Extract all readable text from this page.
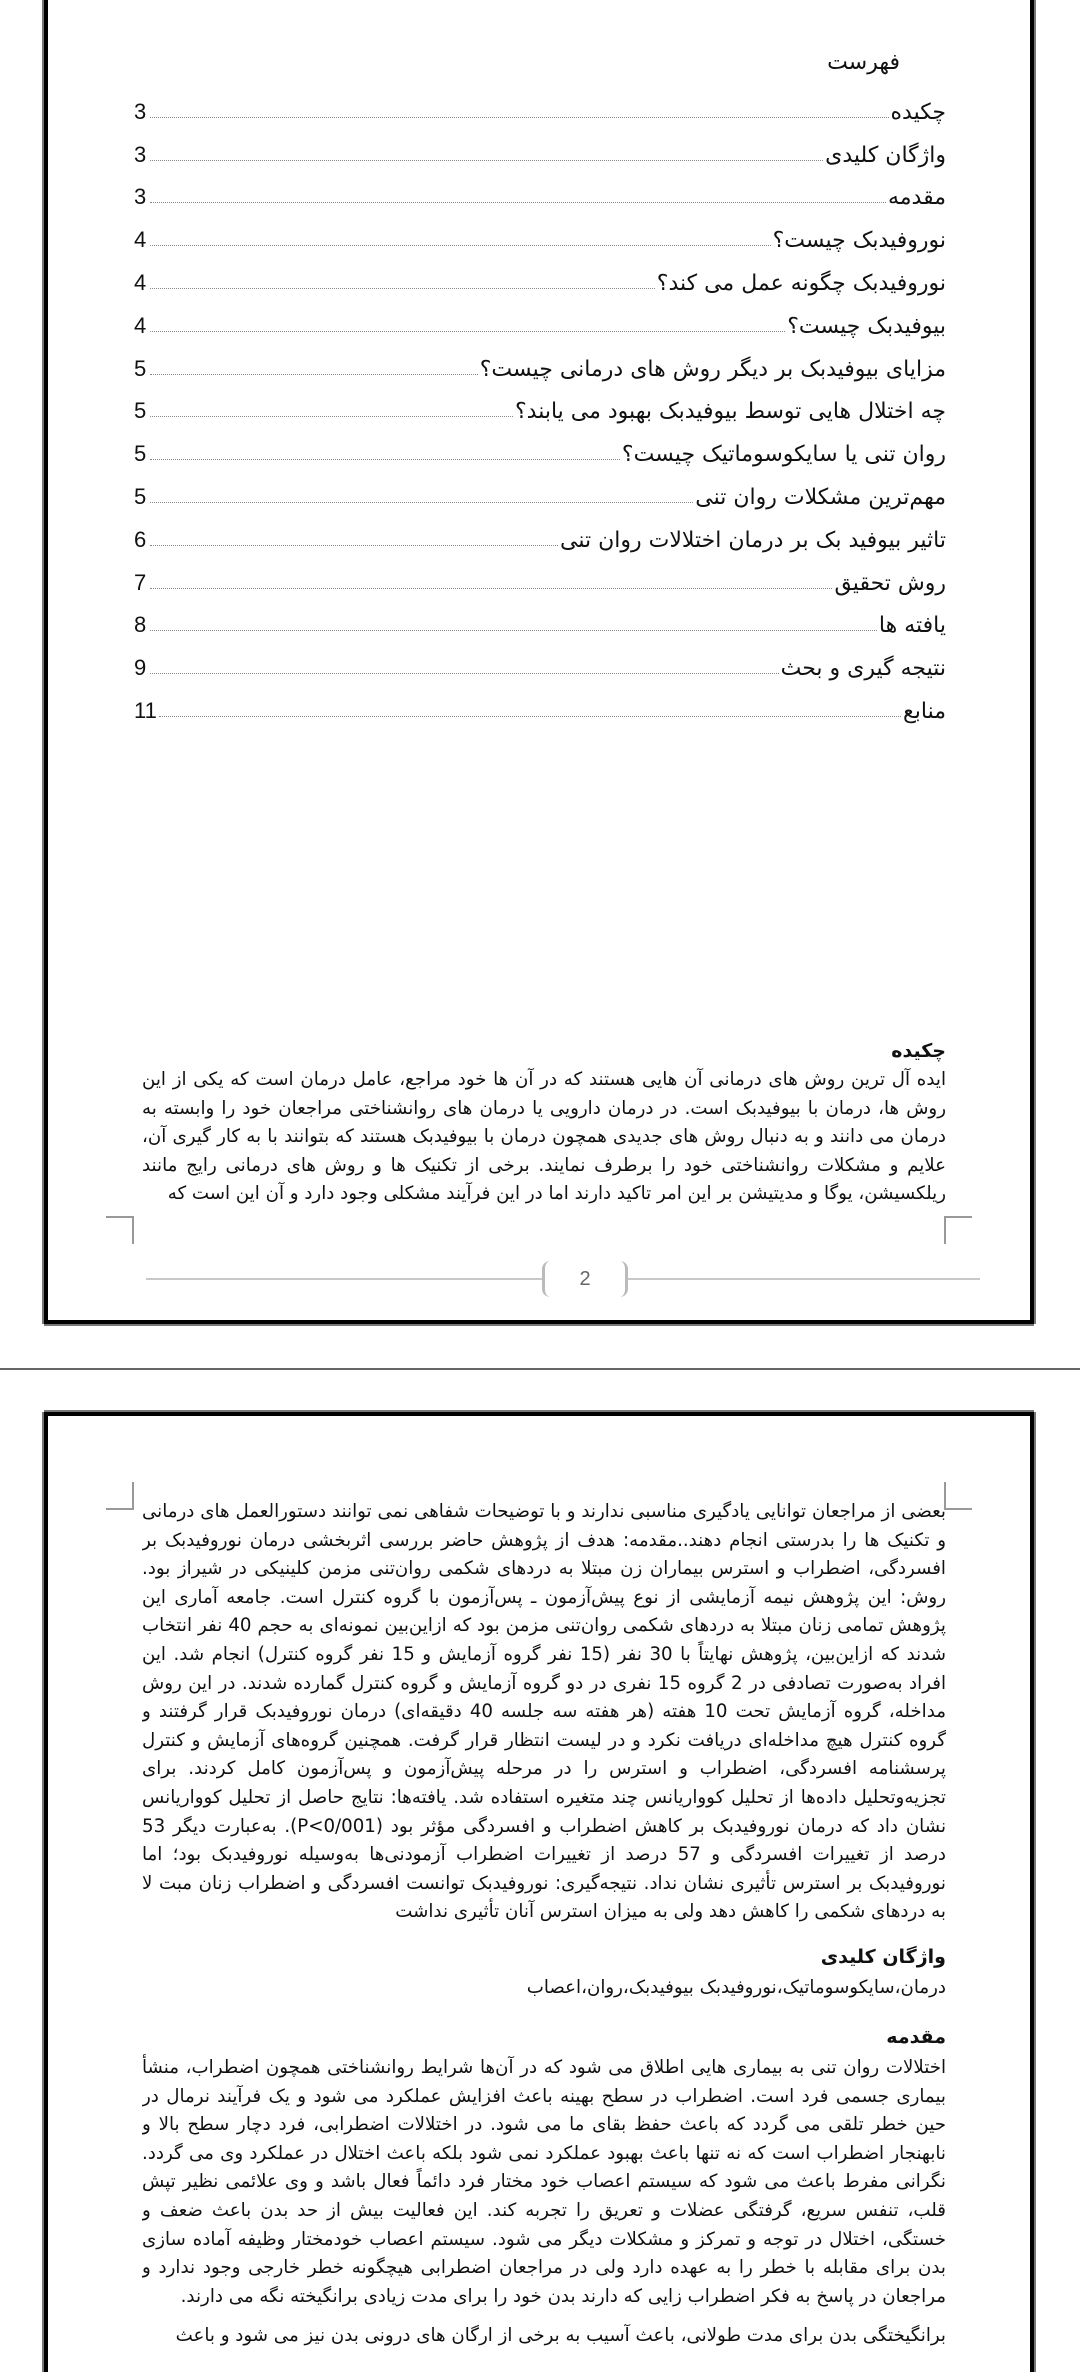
فهرست
چکیده
3
واژگان کلیدی
3
مقدمه
3
نوروفیدبک چیست؟
4
نوروفیدبک چگونه عمل می کند؟
4
بیوفیدبک چیست؟
4
مزایای بیوفیدبک بر دیگر روش های درمانی چیست؟
5
چه اختلال هایی توسط بیوفیدبک بهبود می یابند؟
5
روان تنی یا سایکوسوماتیک چیست؟
5
مهم‌ترین مشکلات روان تنی
5
تاثیر بیوفید بک بر درمان اختلالات روان تنی
6
روش تحقیق
7
یافته ها
8
نتیجه گیری و بحث
9
منابع
11
چکیده
ایده آل ترین روش های درمانی آن هایی هستند که در آن ها خود مراجع، عامل درمان است که یکی از این روش ها، درمان با بیوفیدبک است. در درمان دارویی یا درمان های روانشناختی مراجعان خود را وابسته به درمان می دانند و به دنبال روش های جدیدی همچون درمان با بیوفیدبک هستند که بتوانند با به کار گیری آن، علایم و مشکلات روانشناختی خود را برطرف نمایند. برخی از تکنیک ها و روش های درمانی رایج مانند ریلکسیشن، یوگا و مدیتیشن بر این امر تاکید دارند اما در این فرآیند مشکلی وجود دارد و آن این است که
2
بعضی از مراجعان توانایی یادگیری مناسبی ندارند و با توضیحات شفاهی نمی توانند دستورالعمل های درمانی و تکنیک ها را بدرستی انجام دهند..مقدمه: هدف از پ‍ژوهش حاضر بررسی اثربخشی درمان نوروفیدبک بر افسردگی، اضطراب و استرس بیماران زن مبتلا به دردهای شکمی روان‌تنی مزمن کلینیکی در شیراز بود. روش: این پ‍ژوهش نیمه آزمایشی از نوع پیش‌آزمون ـ پس‌آزمون با گروه کنترل است. جامعه آماری این پ‍ژوهش تمامی زنان مبتلا به دردهای شکمی روان‌تنی مزمن بود که ازاین‌بین نمونه‌ای به حجم 40 نفر انتخاب شدند که ازاین‌بین، پ‍ژوهش نهایتاً با 30 نفر (15 نفر گروه آزمایش و 15 نفر گروه کنترل) انجام شد. این افراد به‌صورت تصادفی در 2 گروه 15 نفری در دو گروه آزمایش و گروه کنترل گمارده شدند. در این روش مداخله، گروه آزمایش تحت 10 هفته (هر هفته سه جلسه 40 دقیقه‌ای) درمان نوروفیدبک قرار گرفتند و گروه کنترل هیچ مداخله‌ای دریافت نکرد و در لیست انتظار قرار گرفت. همچنین گروه‌های آزمایش و کنترل پرسشنامه افسردگی، اضطراب و استرس را در مرحله پیش‌آزمون و پس‌آزمون کامل کردند. برای تجزیه‌وتحلیل داده‌ها از تحلیل کوواریانس چند متغیره استفاده شد. یافته‌ها: نتایج حاصل از تحلیل کوواریانس نشان داد که درمان نوروفیدبک بر کاهش اضطراب و افسردگی مؤثر بود (P<0/001). به‌عبارت دیگر 53 درصد از تغییرات افسردگی و 57 درصد از تغییرات اضطراب آزمودنی‌ها به‌وسیله نوروفیدبک بود؛ اما نوروفیدبک بر استرس تأثیری نشان نداد. نتیجه‌گیری: نوروفیدبک توانست افسردگی و اضطراب زنان مبت لا به دردهای شکمی را کاهش دهد ولی به میزان استرس آنان تأثیری نداشت
واژگان کلیدی
درمان،سایکوسوماتیک،نوروفیدبک بیوفیدبک،روان،اعصاب
مقدمه
اختلالات روان تنی به بیماری هایی اطلاق می شود که در آن‌ها شرایط روانشناختی همچون اضطراب، منشأ بیماری جسمی فرد است. اضطراب در سطح بهینه باعث افزایش عملکرد می شود و یک فرآیند نرمال در حین خطر تلقی می گردد که باعث حفظ بقای ما می شود. در اختلالات اضطرابی، فرد دچار سطح بالا و نابهنجار اضطراب است که نه تنها باعث بهبود عملکرد نمی شود بلکه باعث اختلال در عملکرد وی می گردد. نگرانی مفرط باعث می شود که سیستم اعصاب خود مختار فرد دائماً فعال باشد و وی علائمی نظیر تپش قلب، تنفس سریع، گرفتگی عضلات و تعریق را تجربه کند. این فعالیت بیش از حد بدن باعث ضعف و خستگی، اختلال در توجه و تمرکز و مشکلات دیگر می شود. سیستم اعصاب خودمختار وظیفه آماده سازی بدن برای مقابله با خطر را به عهده دارد ولی در مراجعان اضطرابی هیچگونه خطر خارجی وجود ندارد و مراجعان در پاسخ به فکر اضطراب زایی که دارند بدن خود را برای مدت زیادی برانگیخته نگه می دارند.
برانگیختگی بدن برای مدت طولانی، باعث آسیب به برخی از ارگان های درونی بدن نیز می شود و باعث
